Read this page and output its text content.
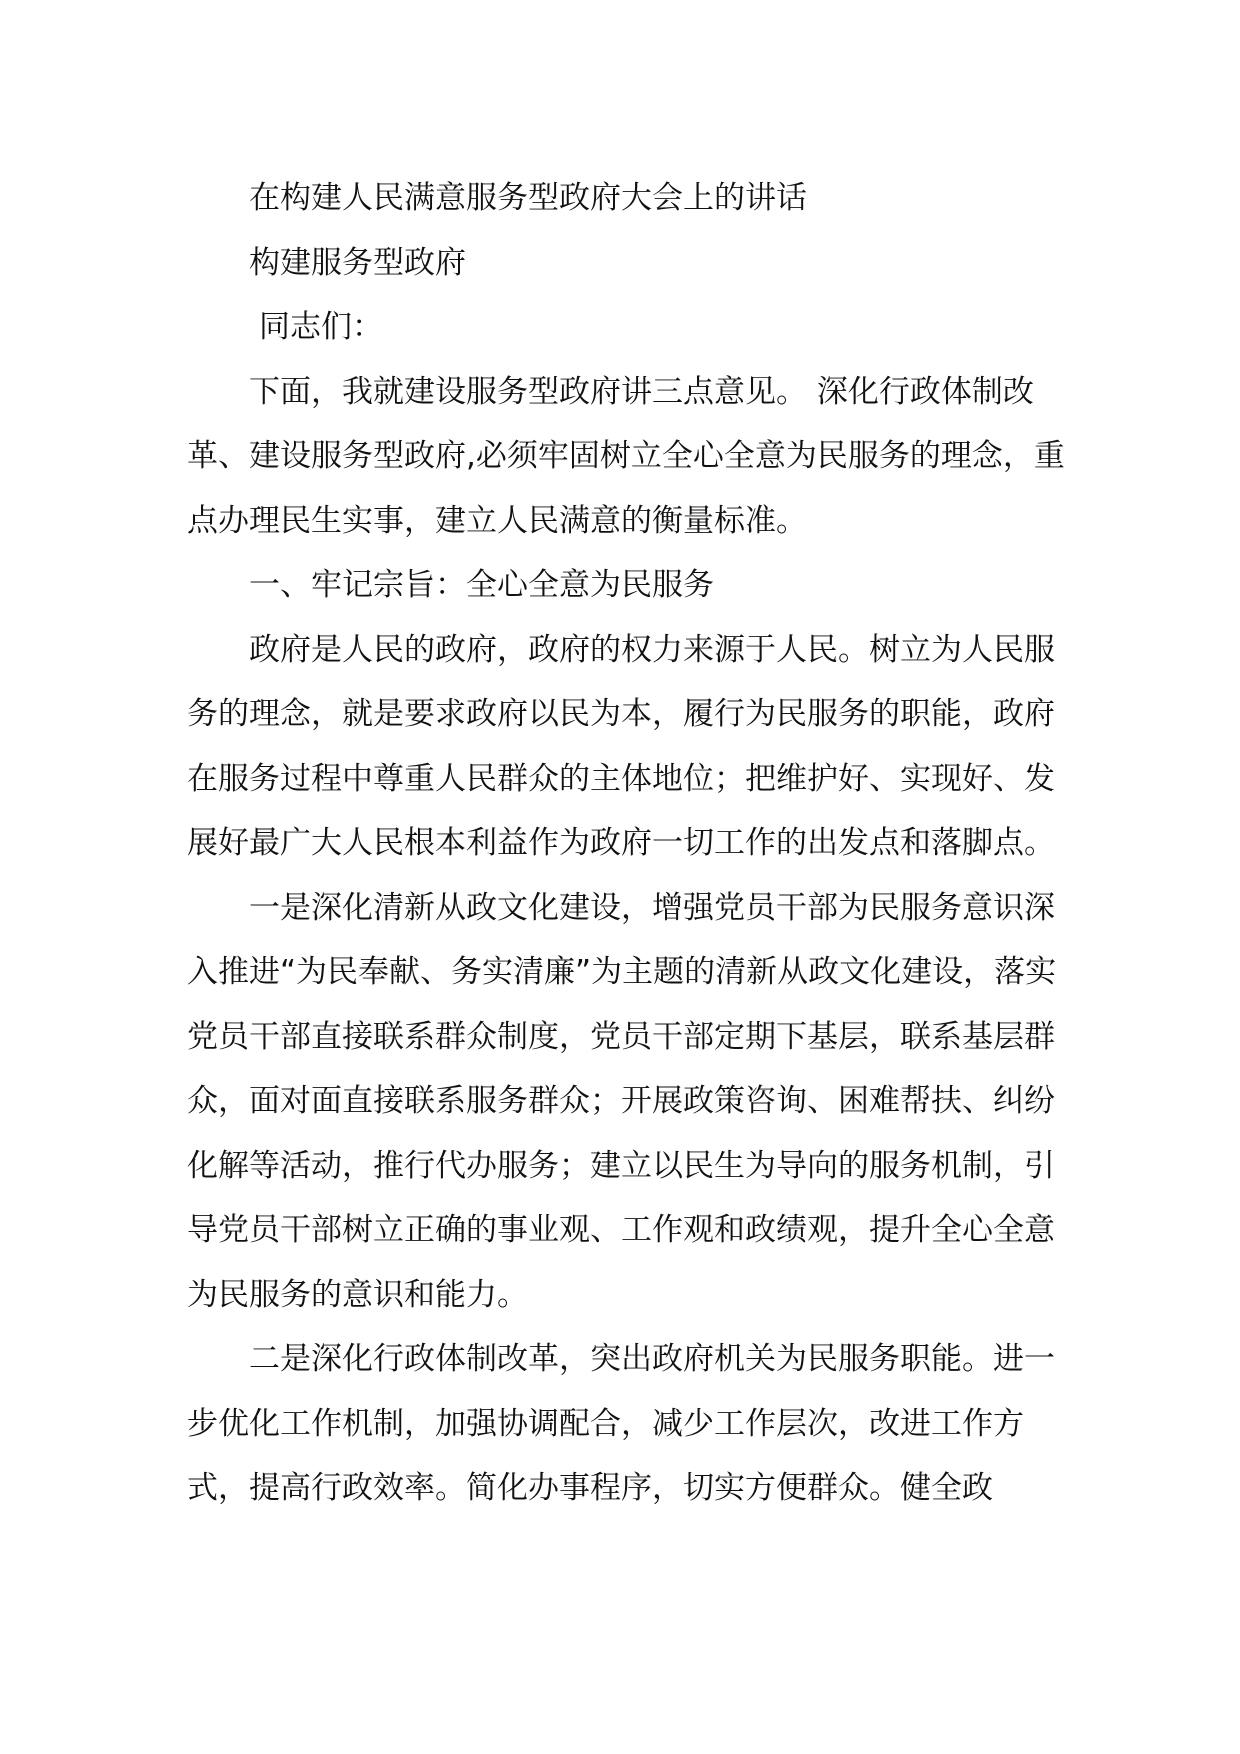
在构建人民满意服务型政府大会上的讲话

构建服务型政府

同志们：

下面，我就建设服务型政府讲三点意见。 深化行政体制改革、建设服务型政府,必须牢固树立全心全意为民服务的理念，重点办理民生实事，建立人民满意的衡量标准。

一、牢记宗旨：全心全意为民服务

政府是人民的政府，政府的权力来源于人民。树立为人民服务的理念，就是要求政府以民为本，履行为民服务的职能，政府在服务过程中尊重人民群众的主体地位；把维护好、实现好、发展好最广大人民根本利益作为政府一切工作的出发点和落脚点。

一是深化清新从政文化建设，增强党员干部为民服务意识深入推进“为民奉献、务实清廉”为主题的清新从政文化建设，落实党员干部直接联系群众制度，党员干部定期下基层，联系基层群众，面对面直接联系服务群众；开展政策咨询、困难帮扶、纠纷化解等活动，推行代办服务；建立以民生为导向的服务机制，引导党员干部树立正确的事业观、工作观和政绩观，提升全心全意为民服务的意识和能力。

二是深化行政体制改革，突出政府机关为民服务职能。进一步优化工作机制，加强协调配合，减少工作层次，改进工作方式，提高行政效率。简化办事程序，切实方便群众。健全政
